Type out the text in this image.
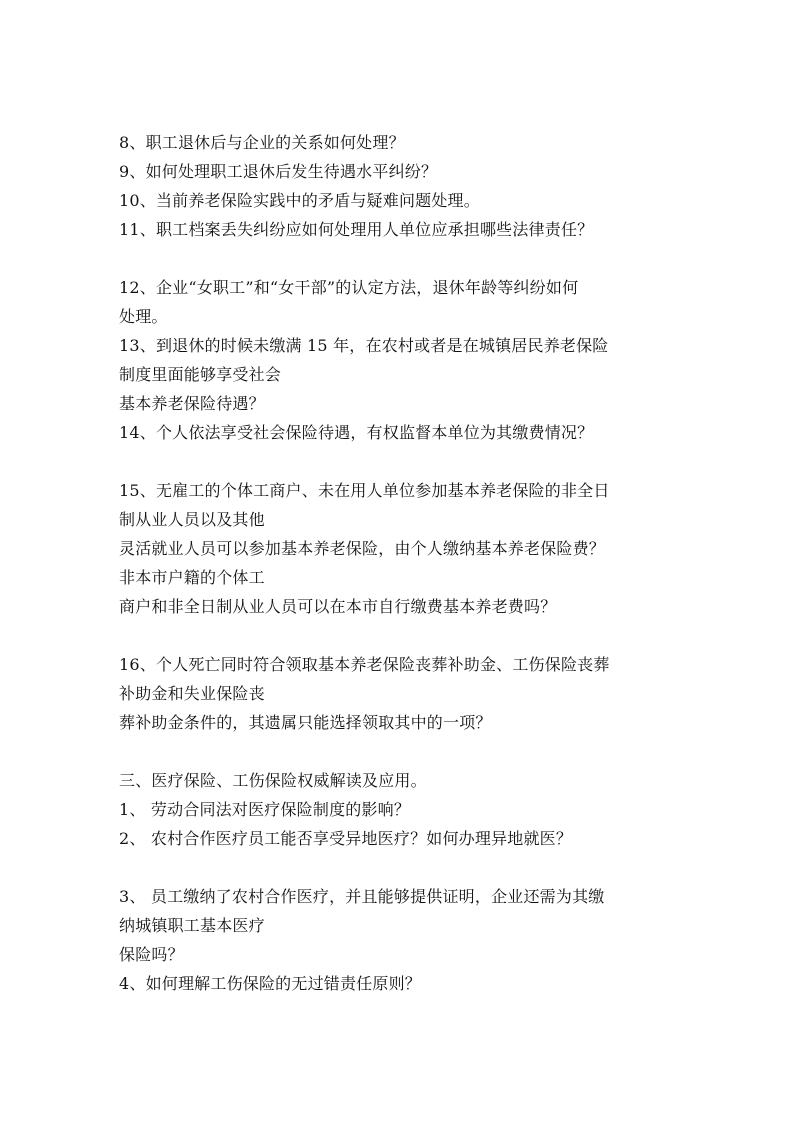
8、职工退休后与企业的关系如何处理？
9、如何处理职工退休后发生待遇水平纠纷？
10、当前养老保险实践中的矛盾与疑难问题处理。
11、职工档案丢失纠纷应如何处理用人单位应承担哪些法律责任？
12、企业“女职工”和“女干部”的认定方法，退休年龄等纠纷如何
处理。
13、到退休的时候未缴满 15 年，在农村或者是在城镇居民养老保险
制度里面能够享受社会
基本养老保险待遇？
14、个人依法享受社会保险待遇，有权监督本单位为其缴费情况？
15、无雇工的个体工商户、未在用人单位参加基本养老保险的非全日
制从业人员以及其他
灵活就业人员可以参加基本养老保险，由个人缴纳基本养老保险费？
非本市户籍的个体工
商户和非全日制从业人员可以在本市自行缴费基本养老费吗？
16、个人死亡同时符合领取基本养老保险丧葬补助金、工伤保险丧葬
补助金和失业保险丧
葬补助金条件的，其遗属只能选择领取其中的一项？
三、医疗保险、工伤保险权威解读及应用。
1、 劳动合同法对医疗保险制度的影响？
2、 农村合作医疗员工能否享受异地医疗？如何办理异地就医？
3、 员工缴纳了农村合作医疗，并且能够提供证明，企业还需为其缴
纳城镇职工基本医疗
保险吗？
4、如何理解工伤保险的无过错责任原则？
